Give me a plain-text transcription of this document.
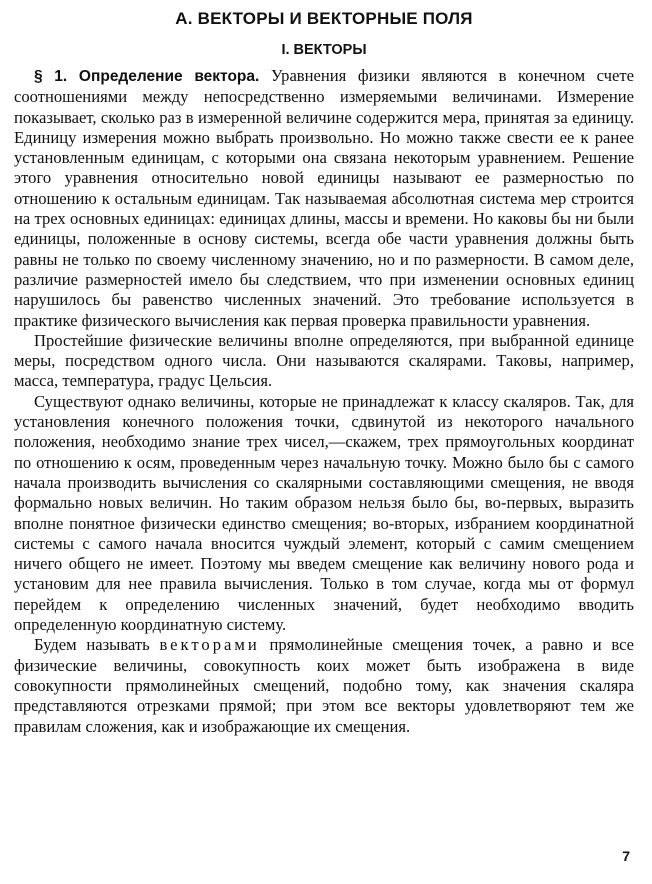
А. ВЕКТОРЫ И ВЕКТОРНЫЕ ПОЛЯ
I. ВЕКТОРЫ

§ 1. Определение вектора. Уравнения физики являются в конечном счете соотношениями между непосредственно измеряемыми величинами. Измерение показывает, сколько раз в измеренной величине содержится мера, принятая за единицу. Единицу измерения можно выбрать произвольно. Но можно также свести ее к ранее установленным единицам, с которыми она связана некоторым уравнением. Решение этого уравнения относительно новой единицы называют ее размерностью по отношению к остальным единицам. Так называемая абсолютная система мер строится на трех основных единицах: единицах длины, массы и времени. Но каковы бы ни были единицы, положенные в основу системы, всегда обе части уравнения должны быть равны не только по своему численному значению, но и по размерности. В самом деле, различие размерностей имело бы следствием, что при изменении основных единиц нарушилось бы равенство численных значений. Это требование используется в практике физического вычисления как первая проверка правильности уравнения.

Простейшие физические величины вполне определяются, при выбранной единице меры, посредством одного числа. Они называются скалярами. Таковы, например, масса, температура, градус Цельсия.

Существуют однако величины, которые не принадлежат к классу скаляров. Так, для установления конечного положения точки, сдвинутой из некоторого начального положения, необходимо знание трех чисел,—скажем, трех прямоугольных координат по отношению к осям, проведенным через начальную точку. Можно было бы с самого начала производить вычисления со скалярными составляющими смещения, не вводя формально новых величин. Но таким образом нельзя было бы, во-первых, выразить вполне понятное физически единство смещения; во-вторых, избранием координатной системы с самого начала вносится чуждый элемент, который с самим смещением ничего общего не имеет. Поэтому мы введем смещение как величину нового рода и установим для нее правила вычисления. Только в том случае, когда мы от формул перейдем к определению численных значений, будет необходимо вводить определенную координатную систему.

Будем называть векторами прямолинейные смещения точек, а равно и все физические величины, совокупность коих может быть изображена в виде совокупности прямолинейных смещений, подобно тому, как значения скаляра представляются отрезками прямой; при этом все векторы удовлетворяют тем же правилам сложения, как и изображающие их смещения.

7
